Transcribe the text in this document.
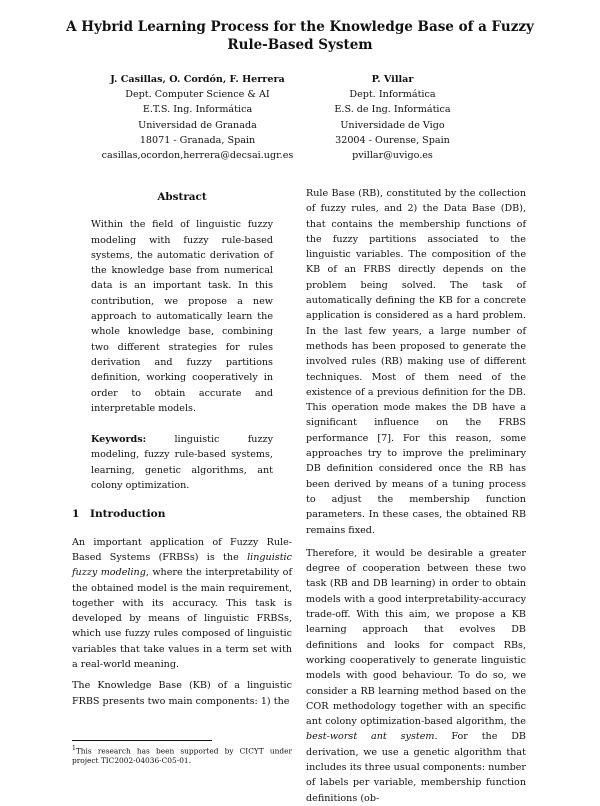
A Hybrid Learning Process for the Knowledge Base of a Fuzzy
Rule-Based System
J. Casillas, O. Cordón, F. Herrera
Dept. Computer Science & AI
E.T.S. Ing. Informática
Universidad de Granada
18071 - Granada, Spain
casillas,ocordon,herrera@decsai.ugr.es
P. Villar
Dept. Informática
E.S. de Ing. Informática
Universidade de Vigo
32004 - Ourense, Spain
pvillar@uvigo.es
Abstract

Within the field of linguistic fuzzy modeling with fuzzy rule-based systems, the automatic derivation of the knowledge base from numerical data is an important task. In this contribution, we propose a new approach to automatically learn the whole knowledge base, combining two different strategies for rules derivation and fuzzy partitions definition, working cooperatively in order to obtain accurate and interpretable models.

Keywords: linguistic fuzzy modeling, fuzzy rule-based systems, learning, genetic algorithms, ant colony optimization.

1 Introduction

An important application of Fuzzy Rule-Based Systems (FRBSs) is the linguistic fuzzy modeling, where the interpretability of the obtained model is the main requirement, together with its accuracy. This task is developed by means of linguistic FRBSs, which use fuzzy rules composed of linguistic variables that take values in a term set with a real-world meaning.

The Knowledge Base (KB) of a linguistic FRBS presents two main components: 1) the

Rule Base (RB), constituted by the collection of fuzzy rules, and 2) the Data Base (DB), that contains the membership functions of the fuzzy partitions associated to the linguistic variables. The composition of the KB of an FRBS directly depends on the problem being solved. The task of automatically defining the KB for a concrete application is considered as a hard problem. In the last few years, a large number of methods has been proposed to generate the involved rules (RB) making use of different techniques. Most of them need of the existence of a previous definition for the DB. This operation mode makes the DB have a significant influence on the FRBS performance [7]. For this reason, some approaches try to improve the preliminary DB definition considered once the RB has been derived by means of a tuning process to adjust the membership function parameters. In these cases, the obtained RB remains fixed.

Therefore, it would be desirable a greater degree of cooperation between these two task (RB and DB learning) in order to obtain models with a good interpretability-accuracy trade-off. With this aim, we propose a KB learning approach that evolves DB definitions and looks for compact RBs, working cooperatively to generate linguistic models with good behaviour. To do so, we consider a RB learning method based on the COR methodology together with an specific ant colony optimization-based algorithm, the best-worst ant system. For the DB derivation, we use a genetic algorithm that includes its three usual components: number of labels per variable, membership function definitions (ob-

$^1$This research has been supported by CICYT under project TIC2002-04036-C05-01.
